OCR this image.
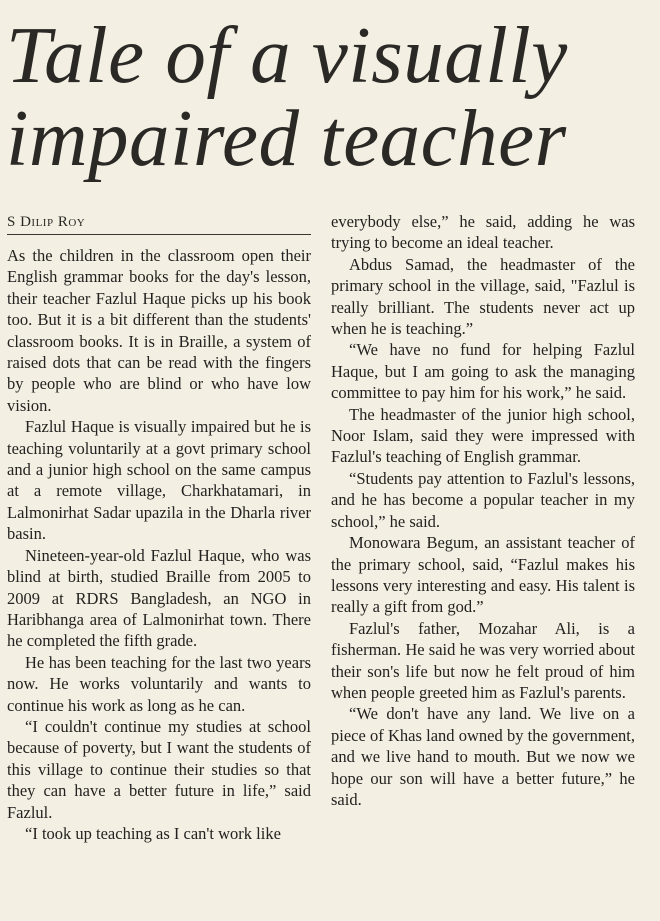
Tale of a visually
impaired teacher
S Dilip Roy

As the children in the classroom open their English grammar books for the day's lesson, their teacher Fazlul Haque picks up his book too. But it is a bit different than the students' classroom books. It is in Braille, a system of raised dots that can be read with the fingers by people who are blind or who have low vision.

Fazlul Haque is visually impaired but he is teaching voluntarily at a govt primary school and a junior high school on the same campus at a remote village, Charkhatamari, in Lalmonirhat Sadar upazila in the Dharla river basin.

Nineteen-year-old Fazlul Haque, who was blind at birth, studied Braille from 2005 to 2009 at RDRS Bangladesh, an NGO in Haribhanga area of Lalmonirhat town. There he completed the fifth grade.

He has been teaching for the last two years now. He works voluntarily and wants to continue his work as long as he can.

“I couldn't continue my studies at school because of poverty, but I want the students of this village to continue their studies so that they can have a better future in life,” said Fazlul.

“I took up teaching as I can't work like

everybody else,” he said, adding he was trying to become an ideal teacher.

Abdus Samad, the headmaster of the primary school in the village, said, "Fazlul is really brilliant. The students never act up when he is teaching.”

“We have no fund for helping Fazlul Haque, but I am going to ask the managing committee to pay him for his work,” he said.

The headmaster of the junior high school, Noor Islam, said they were impressed with Fazlul's teaching of English grammar.

“Students pay attention to Fazlul's lessons, and he has become a popular teacher in my school,” he said.

Monowara Begum, an assistant teacher of the primary school, said, “Fazlul makes his lessons very interesting and easy. His talent is really a gift from god.”

Fazlul's father, Mozahar Ali, is a fisherman. He said he was very worried about their son's life but now he felt proud of him when people greeted him as Fazlul's parents.

“We don't have any land. We live on a piece of Khas land owned by the government, and we live hand to mouth. But we now we hope our son will have a better future,” he said.
